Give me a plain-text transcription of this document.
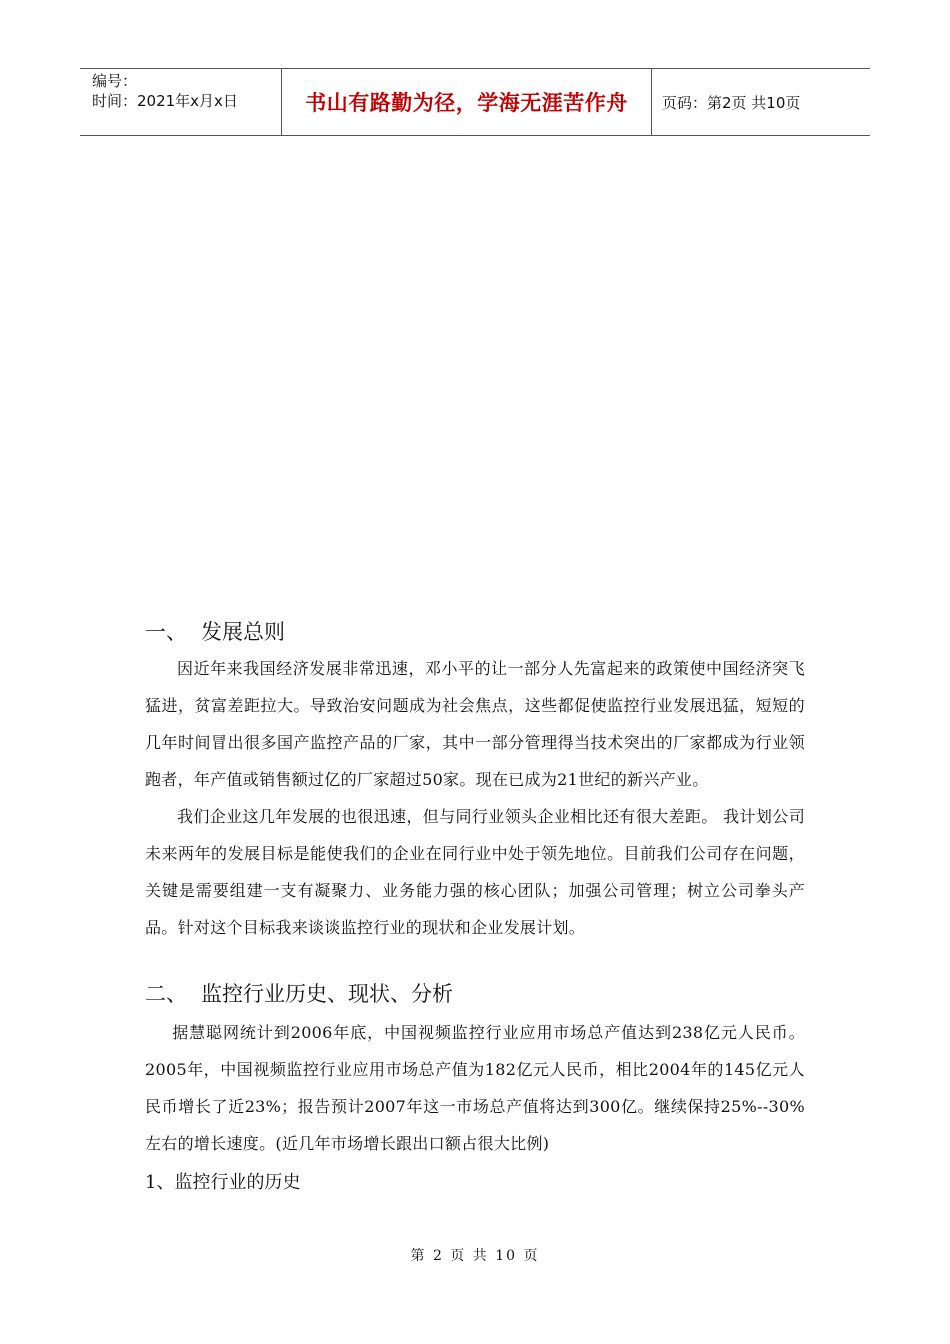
编号：
时间：2021年x月x日	书山有路勤为径，学海无涯苦作舟	页码：第2页 共10页
一、 发展总则

因近年来我国经济发展非常迅速，邓小平的让一部分人先富起来的政策使中国经济突飞猛进，贫富差距拉大。导致治安问题成为社会焦点，这些都促使监控行业发展迅猛，短短的几年时间冒出很多国产监控产品的厂家，其中一部分管理得当技术突出的厂家都成为行业领跑者，年产值或销售额过亿的厂家超过50家。现在已成为21世纪的新兴产业。

我们企业这几年发展的也很迅速，但与同行业领头企业相比还有很大差距。 我计划公司未来两年的发展目标是能使我们的企业在同行业中处于领先地位。目前我们公司存在问题，关键是需要组建一支有凝聚力、业务能力强的核心团队；加强公司管理；树立公司拳头产品。针对这个目标我来谈谈监控行业的现状和企业发展计划。

二、 监控行业历史、现状、分析

据慧聪网统计到2006年底，中国视频监控行业应用市场总产值达到238亿元人民币。2005年，中国视频监控行业应用市场总产值为182亿元人民币，相比2004年的145亿元人民币增长了近23%；报告预计2007年这一市场总产值将达到300亿。继续保持25%--30%左右的增长速度。(近几年市场增长跟出口额占很大比例)

1、监控行业的历史
第 2 页 共 10 页
